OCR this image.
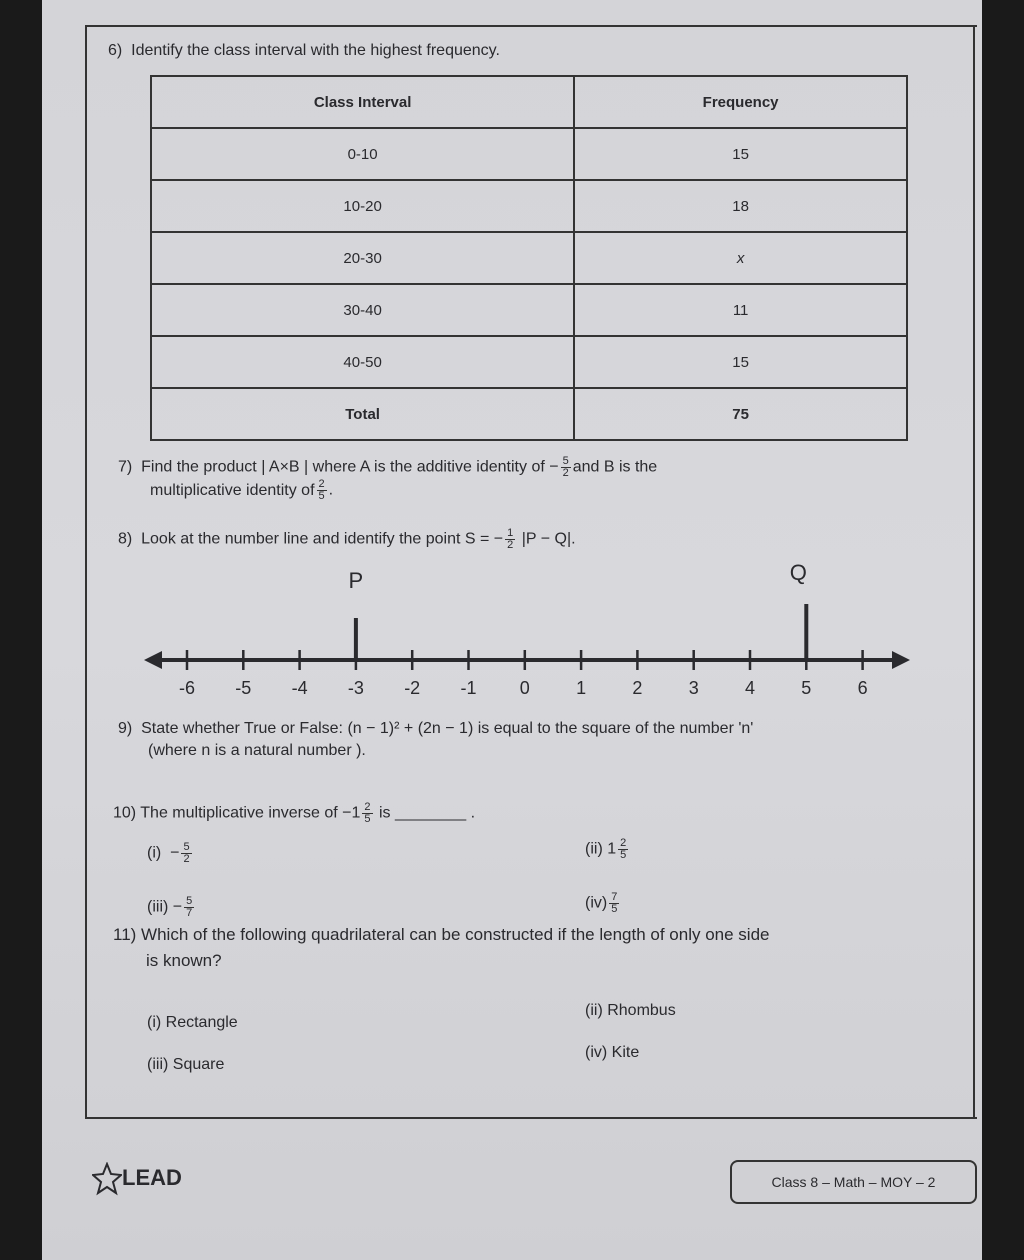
6) Identify the class interval with the highest frequency.
Class Interval	Frequency
0-10	15
10-20	18
20-30	x
30-40	11
40-50	15
Total	75
7) Find the product | A×B | where A is the additive identity of − $\frac{5}{2}$ and B is the
multiplicative identity of $\frac{2}{5}$ .
8) Look at the number line and identify the point S = − $\frac{1}{2} |P - Q|$.
-6 -5 -4 -3 -2 -1 0	1	2	3	4	5	6
P	Q
9) State whether True or False: (n − 1)² + (2n − 1) is equal to the square of the number 'n'
(where n is a natural number ).
10) The multiplicative inverse of $-1 \frac{2}{5}$ is ________ .
$(i) - \frac{5}{2}$	(ii) $1 \frac{2}{5}$
$(iii) - \frac{5}{7}$	$(iv) \frac{7}{5}$
11) Which of the following quadrilateral can be constructed if the length of only one side
is known?
(i) Rectangle
(ii) Rhombus
(iii) Square
(iv) Kite
LEAD	Class 8 – Math – MOY – 2
